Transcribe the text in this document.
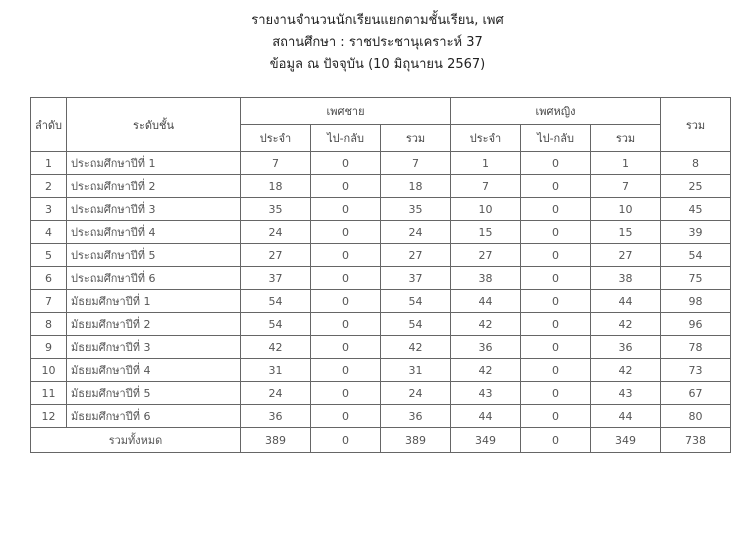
รายงานจำนวนนักเรียนแยกตามชั้นเรียน, เพศ
สถานศึกษา : ราชประชานุเคราะห์ 37
ข้อมูล ณ ปัจจุบัน (10 มิถุนายน 2567)
ลำดับ	ระดับชั้น	เพศชาย			เพศหญิง			รวม
		ประจำ	ไป-กลับ	รวม	ประจำ	ไป-กลับ	รวม	
1	ประถมศึกษาปีที่ 1	7	0	7	1	0	1	8
2	ประถมศึกษาปีที่ 2	18	0	18	7	0	7	25
3	ประถมศึกษาปีที่ 3	35	0	35	10	0	10	45
4	ประถมศึกษาปีที่ 4	24	0	24	15	0	15	39
5	ประถมศึกษาปีที่ 5	27	0	27	27	0	27	54
6	ประถมศึกษาปีที่ 6	37	0	37	38	0	38	75
7	มัธยมศึกษาปีที่ 1	54	0	54	44	0	44	98
8	มัธยมศึกษาปีที่ 2	54	0	54	42	0	42	96
9	มัธยมศึกษาปีที่ 3	42	0	42	36	0	36	78
10	มัธยมศึกษาปีที่ 4	31	0	31	42	0	42	73
11	มัธยมศึกษาปีที่ 5	24	0	24	43	0	43	67
12	มัธยมศึกษาปีที่ 6	36	0	36	44	0	44	80
รวมทั้งหมด		389	0	389	349	0	349	738
